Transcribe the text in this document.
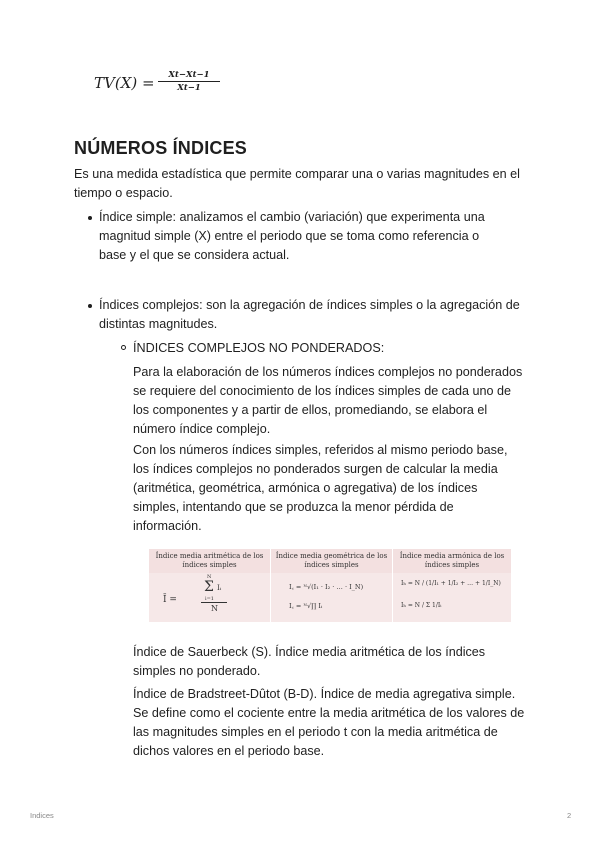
$TV(X) = \frac{Xt-Xt-1}{Xt-1}$
NÚMEROS ÍNDICES

Es una medida estadística que permite comparar una o varias magnitudes en el tiempo o espacio.

Índice simple: analizamos el cambio (variación) que experimenta una magnitud simple (X) entre el periodo que se toma como referencia o base y el que se considera actual.
Índices complejos: son la agregación de índices simples o la agregación de distintas magnitudes.
ÍNDICES COMPLEJOS NO PONDERADOS:

Para la elaboración de los números índices complejos no ponderados se requiere del conocimiento de los índices simples de cada uno de los componentes y a partir de ellos, promediando, se elabora el número índice complejo.

Con los números índices simples, referidos al mismo periodo base, los índices complejos no ponderados surgen de calcular la media (aritmética, geométrica, armónica o agregativa) de los índices simples, intentando que se produzca la menor pérdida de información.

Índice media aritmética de los índices simples
Índice media geométrica de los índices simples
Índice media armónica de los índices simples
Ī =
N
Σ
i=1
Iᵢ
N
I꜀ = ᴺ√(I₁ · I₂ · … · I_N)
I꜀ = ᴺ√∏ Iᵢ
Iₕ = N / (1/I₁ + 1/I₂ + … + 1/I_N)
Iₕ = N / Σ 1/Iᵢ

Índice de Sauerbeck (S). Índice media aritmética de los índices simples no ponderado.

Índice de Bradstreet-Dûtot (B-D). Índice de media agregativa simple. Se define como el cociente entre la media aritmética de los valores de las magnitudes simples en el periodo t con la media aritmética de dichos valores en el periodo base.

Indices	2
